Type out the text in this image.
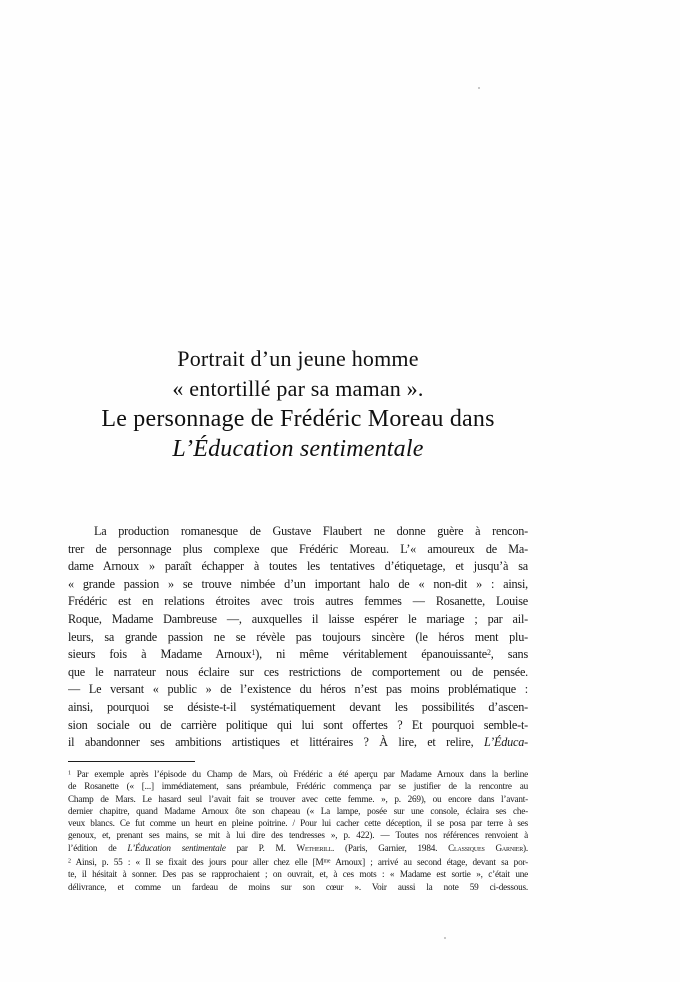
Portrait d’un jeune homme
« entortillé par sa maman ».
Le personnage de Frédéric Moreau dans
L’Éducation sentimentale
La production romanesque de Gustave Flaubert ne donne guère à rencon-
trer de personnage plus complexe que Frédéric Moreau. L’« amoureux de Ma-
dame Arnoux » paraît échapper à toutes les tentatives d’étiquetage, et jusqu’à sa
« grande passion » se trouve nimbée d’un important halo de « non-dit » : ainsi,
Frédéric est en relations étroites avec trois autres femmes — Rosanette, Louise
Roque, Madame Dambreuse —, auxquelles il laisse espérer le mariage ; par ail-
leurs, sa grande passion ne se révèle pas toujours sincère (le héros ment plu-
sieurs fois à Madame Arnoux$^1$), ni même véritablement épanouissante$^2$, sans
que le narrateur nous éclaire sur ces restrictions de comportement ou de pensée.
— Le versant « public » de l’existence du héros n’est pas moins problématique :
ainsi, pourquoi se désiste-t-il systématiquement devant les possibilités d’ascen-
sion sociale ou de carrière politique qui lui sont offertes ? Et pourquoi semble-t-
il abandonner ses ambitions artistiques et littéraires ? À lire, et relire, L’Éduca-
$^1$ Par exemple après l’épisode du Champ de Mars, où Frédéric a été aperçu par Madame Arnoux dans la berline
de Rosanette (« [...] immédiatement, sans préambule, Frédéric commença par se justifier de la rencontre au
Champ de Mars. Le hasard seul l’avait fait se trouver avec cette femme. », p. 269), ou encore dans l’avant-
dernier chapitre, quand Madame Arnoux ôte son chapeau (« La lampe, posée sur une console, éclaira ses che-
veux blancs. Ce fut comme un heurt en pleine poitrine. / Pour lui cacher cette déception, il se posa par terre à ses
genoux, et, prenant ses mains, se mit à lui dire des tendresses », p. 422). — Toutes nos références renvoient à
l’édition de L’Éducation sentimentale par P. M. Wetherill. (Paris, Garnier, 1984. Classiques Garnier).
$^2$ Ainsi, p. 55 : « Il se fixait des jours pour aller chez elle [$M^{me}$ Arnoux] ; arrivé au second étage, devant sa por-
te, il hésitait à sonner. Des pas se rapprochaient ; on ouvrait, et, à ces mots : « Madame est sortie », c’était une
délivrance, et comme un fardeau de moins sur son cœur ». Voir aussi la note 59 ci-dessous.
